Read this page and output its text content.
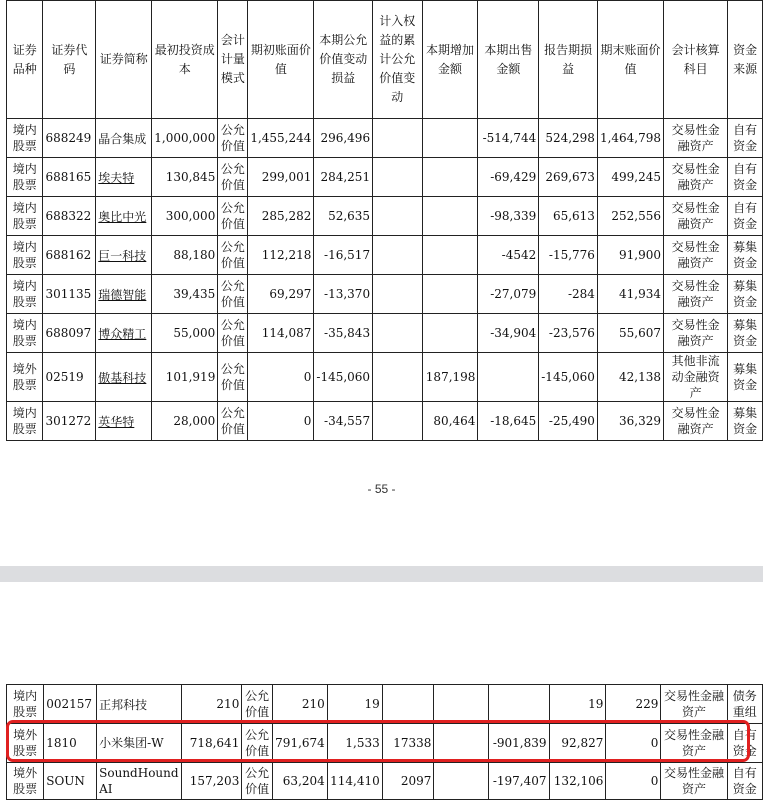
证券品种	证券代码	证券简称	最初投资成本	会计计量模式	期初账面价值	本期公允价值变动损益	计入权益的累计公允价值变动	本期增加金额	本期出售金额	报告期损益	期末账面价值	会计核算科目	资金来源
境内股票	688249	晶合集成	1,000,000	公允价值	1,455,244	296,496			-514,744	524,298	1,464,798	交易性金融资产	自有资金
境内股票	688165	埃夫特	130,845	公允价值	299,001	284,251			-69,429	269,673	499,245	交易性金融资产	自有资金
境内股票	688322	奥比中光	300,000	公允价值	285,282	52,635			-98,339	65,613	252,556	交易性金融资产	自有资金
境内股票	688162	巨一科技	88,180	公允价值	112,218	-16,517			-4542	-15,776	91,900	交易性金融资产	募集资金
境内股票	301135	瑞德智能	39,435	公允价值	69,297	-13,370			-27,079	-284	41,934	交易性金融资产	募集资金
境内股票	688097	博众精工	55,000	公允价值	114,087	-35,843			-34,904	-23,576	55,607	交易性金融资产	募集资金
境外股票	02519	傲基科技	101,919	公允价值	0	-145,060		187,198		-145,060	42,138	其他非流动金融资产	募集资金
境内股票	301272	英华特	28,000	公允价值	0	-34,557		80,464	-18,645	-25,490	36,329	交易性金融资产	募集资金
- 55 -
境内股票	002157	正邦科技	210	公允价值	210	19				19	229	交易性金融资产	债务重组
境外股票	1810	小米集团-W	718,641	公允价值	791,674	1,533	17338		-901,839	92,827	0	交易性金融资产	自有资金
境外股票	SOUN	SoundHound AI	157,203	公允价值	63,204	114,410	2097		-197,407	132,106	0	交易性金融资产	自有资金
